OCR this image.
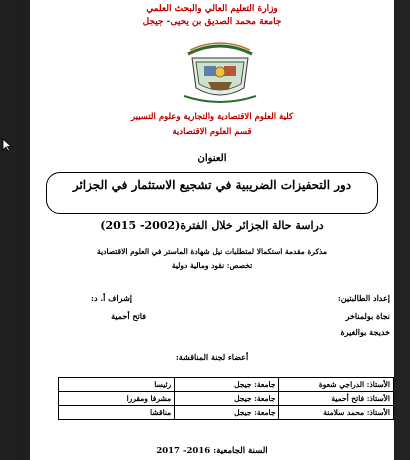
وزارة التعليم العالي والبحث العلمي
جامعة محمد الصديق بن يحيى- جيجل
كلية العلوم الاقتصادية والتجارية وعلوم التسيير
قسم العلوم الاقتصادية
العنوان
دور التحفيزات الضريبية في تشجيع الاستثمار في الجزائر
دراسة حالة الجزائر خلال الفترة(2002- 2015)
مذكرة مقدمة استكمالا لمتطلبات نيل شهادة الماستر في العلوم الاقتصادية
تخصص: نقود ومالية دولية
إعداد الطالبتين:
نجاة بولمناخر
خديجة بوالغيرة
إشراف أ. د:
فاتح أحمية
أعضاء لجنة المناقشة:
الأستاذ: الدراجي شعوة	جامعة: جيجل	رئيسا
الأستاذ: فاتح أحمية	جامعة: جيجل	مشرفا ومقررا
الأستاذ: محمد سلامنة	جامعة: جيجل	مناقشا
السنة الجامعية: 2016- 2017
